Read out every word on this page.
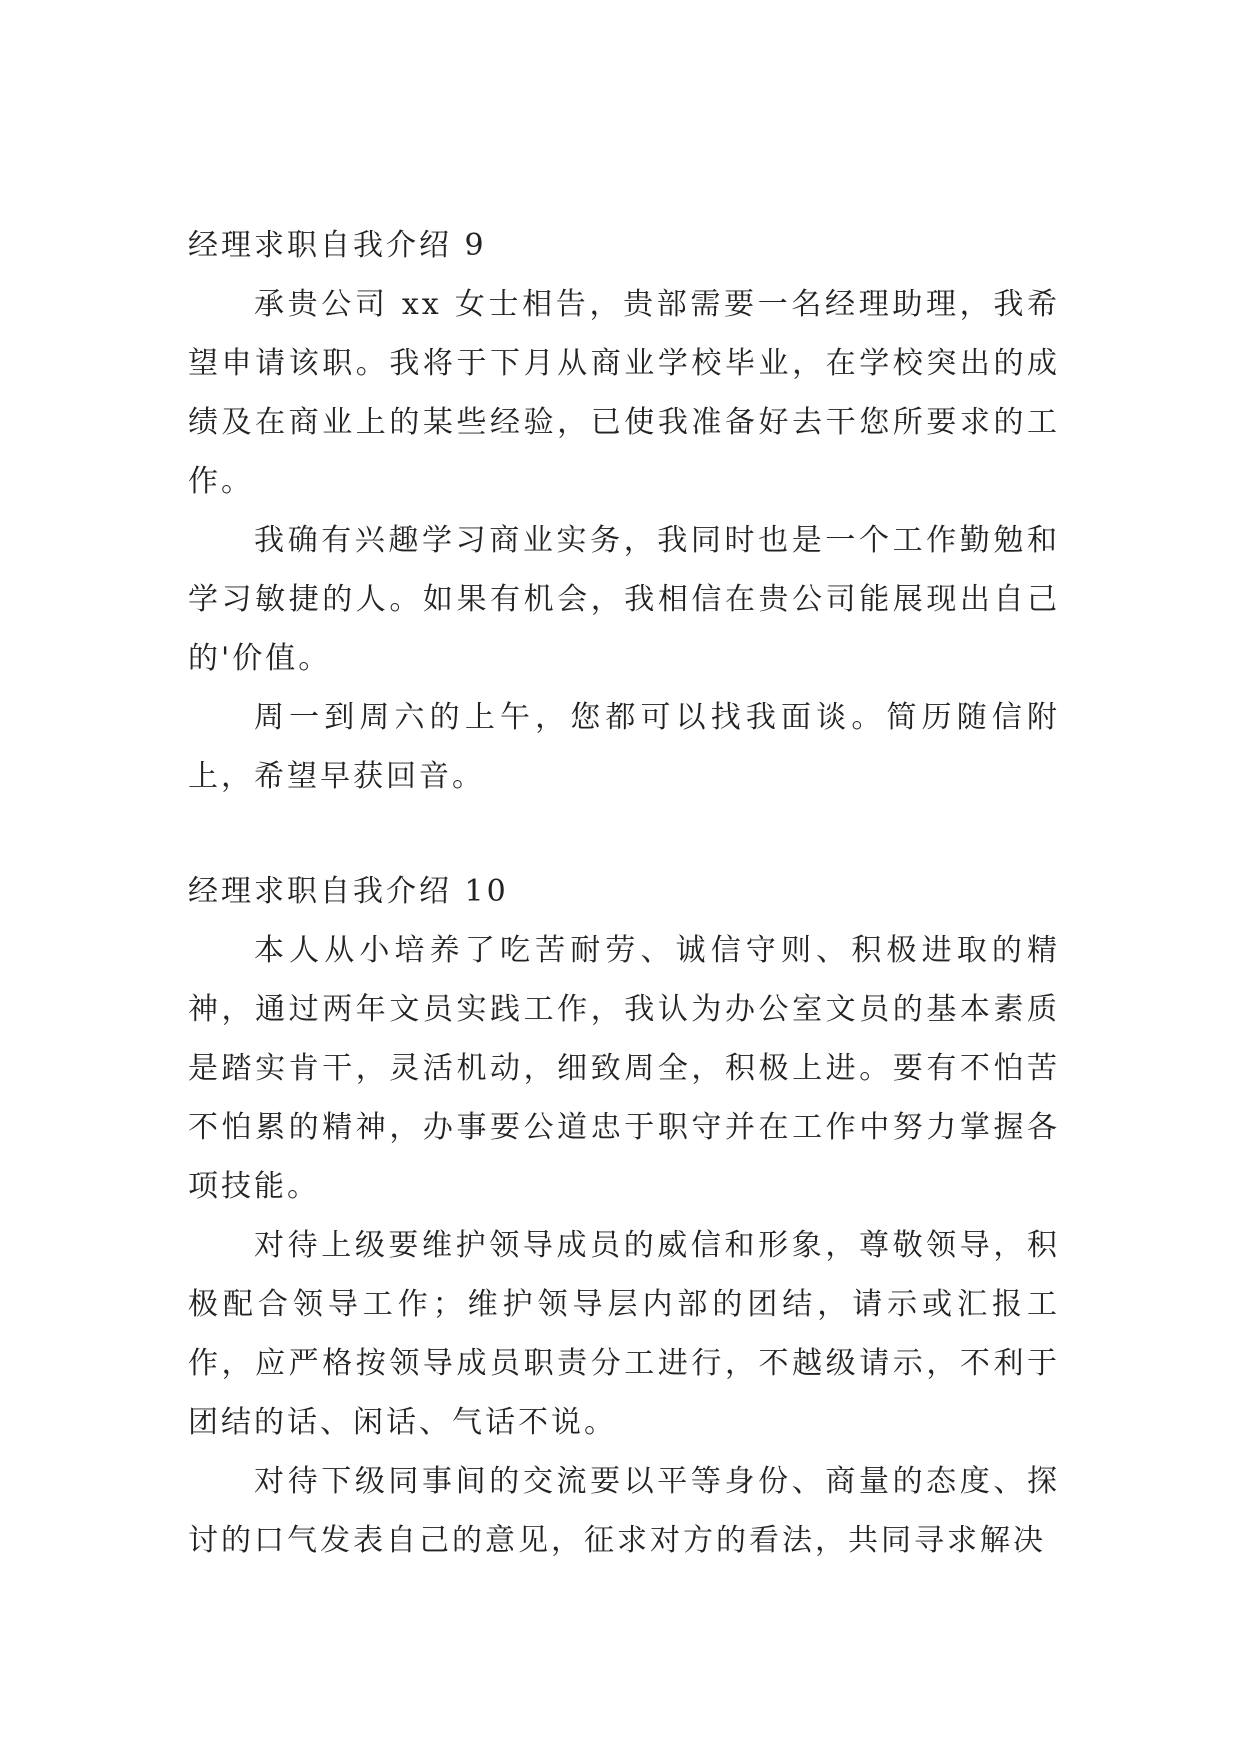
经理求职自我介绍 9

承贵公司 xx 女士相告，贵部需要一名经理助理，我希望申请该职。我将于下月从商业学校毕业，在学校突出的成绩及在商业上的某些经验，已使我准备好去干您所要求的工作。

我确有兴趣学习商业实务，我同时也是一个工作勤勉和学习敏捷的人。如果有机会，我相信在贵公司能展现出自己的'价值。

周一到周六的上午，您都可以找我面谈。简历随信附上，希望早获回音。

经理求职自我介绍 10

本人从小培养了吃苦耐劳、诚信守则、积极进取的精神，通过两年文员实践工作，我认为办公室文员的基本素质是踏实肯干，灵活机动，细致周全，积极上进。要有不怕苦不怕累的精神，办事要公道忠于职守并在工作中努力掌握各项技能。

对待上级要维护领导成员的威信和形象，尊敬领导，积极配合领导工作；维护领导层内部的团结，请示或汇报工作，应严格按领导成员职责分工进行，不越级请示，不利于团结的话、闲话、气话不说。

对待下级同事间的交流要以平等身份、商量的态度、探讨的口气发表自己的意见，征求对方的看法，共同寻求解决
